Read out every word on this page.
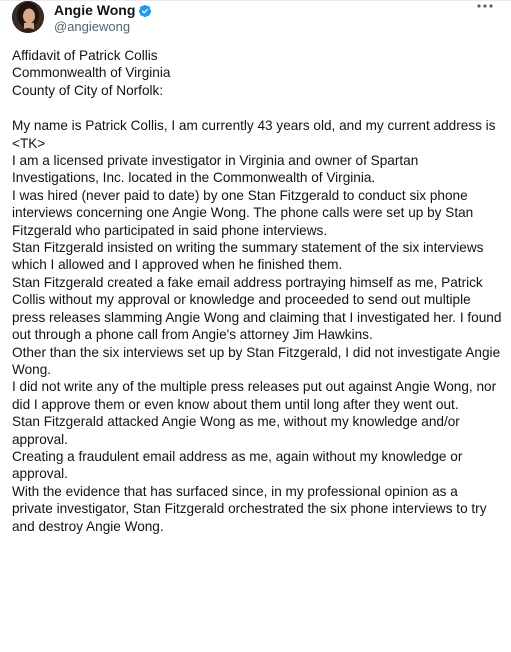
Angie Wong
@angiewong

Affidavit of Patrick Collis

Commonwealth of Virginia

County of City of Norfolk:

My name is Patrick Collis, I am currently 43 years old, and my current address is <TK>

I am a licensed private investigator in Virginia and owner of Spartan Investigations, Inc. located in the Commonwealth of Virginia.

I was hired (never paid to date) by one Stan Fitzgerald to conduct six phone interviews concerning one Angie Wong. The phone calls were set up by Stan Fitzgerald who participated in said phone interviews.

Stan Fitzgerald insisted on writing the summary statement of the six interviews which I allowed and I approved when he finished them.

Stan Fitzgerald created a fake email address portraying himself as me, Patrick Collis without my approval or knowledge and proceeded to send out multiple press releases slamming Angie Wong and claiming that I investigated her. I found out through a phone call from Angie's attorney Jim Hawkins.

Other than the six interviews set up by Stan Fitzgerald, I did not investigate Angie Wong.

I did not write any of the multiple press releases put out against Angie Wong, nor did I approve them or even know about them until long after they went out.

Stan Fitzgerald attacked Angie Wong as me, without my knowledge and/or approval.

Creating a fraudulent email address as me, again without my knowledge or approval.

With the evidence that has surfaced since, in my professional opinion as a private investigator, Stan Fitzgerald orchestrated the six phone interviews to try and destroy Angie Wong.
